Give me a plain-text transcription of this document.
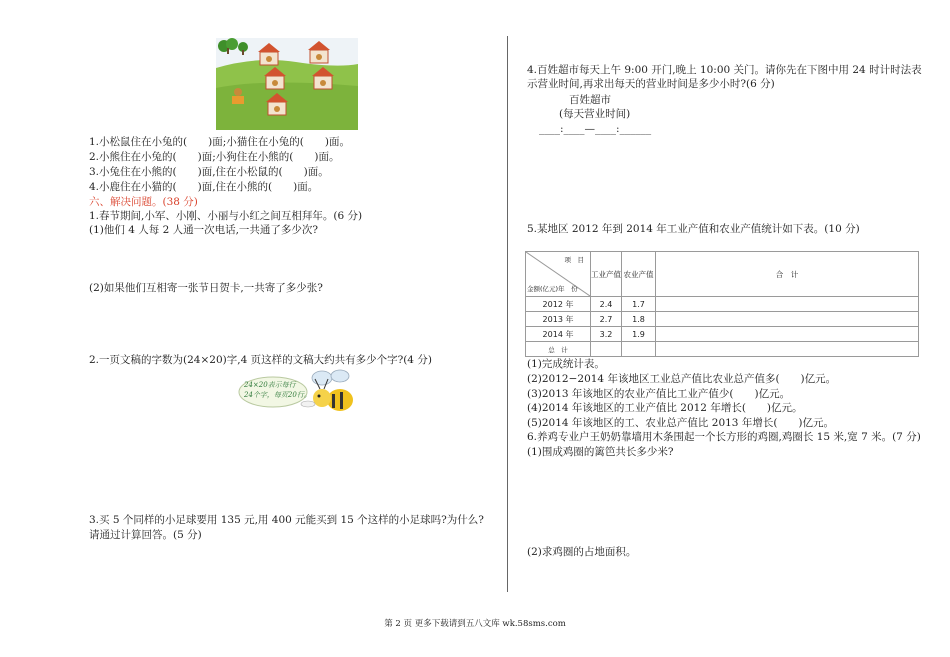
1.小松鼠住在小兔的(　　)面;小猫住在小兔的(　　)面。
2.小熊住在小兔的(　　)面;小狗住在小熊的(　　)面。
3.小兔住在小熊的(　　)面,住在小松鼠的(　　)面。
4.小鹿住在小猫的(　　)面,住在小熊的(　　)面。
六、解决问题。(38 分)
1.春节期间,小军、小刚、小丽与小红之间互相拜年。(6 分)
(1)他们 4 人每 2 人通一次电话,一共通了多少次?
(2)如果他们互相寄一张节日贺卡,一共寄了多少张?
2.一页文稿的字数为(24×20)字,4 页这样的文稿大约共有多少个字?(4 分)
24×20表示每行
24个字，每页20行。
3.买 5 个同样的小足球要用 135 元,用 400 元能买到 15 个这样的小足球吗?为什么?
请通过计算回答。(5 分)
4.百姓超市每天上午 9:00 开门,晚上 10:00 关门。请你先在下图中用 24 时计时法表
示营业时间,再求出每天的营业时间是多少小时?(6 分)
百姓超市
(每天营业时间)
____:____—____:______
5.某地区 2012 年到 2014 年工业产值和农业产值统计如下表。(10 分)
项　目
金额(亿元)年　份	工业产值	农业产值	合　计
2012 年	2.4	1.7	
2013 年	2.7	1.8	
2014 年	3.2	1.9	
总　计			
(1)完成统计表。
(2)2012−2014 年该地区工业总产值比农业总产值多(　　)亿元。
(3)2013 年该地区的农业产值比工业产值少(　　)亿元。
(4)2014 年该地区的工业产值比 2012 年增长(　　)亿元。
(5)2014 年该地区的工、农业总产值比 2013 年增长(　　)亿元。
6.养鸡专业户王奶奶靠墙用木条围起一个长方形的鸡圈,鸡圈长 15 米,宽 7 米。(7 分)
(1)围成鸡圈的篱笆共长多少米?
(2)求鸡圈的占地面积。
第 2 页 更多下载请到五八文库 wk.58sms.com
